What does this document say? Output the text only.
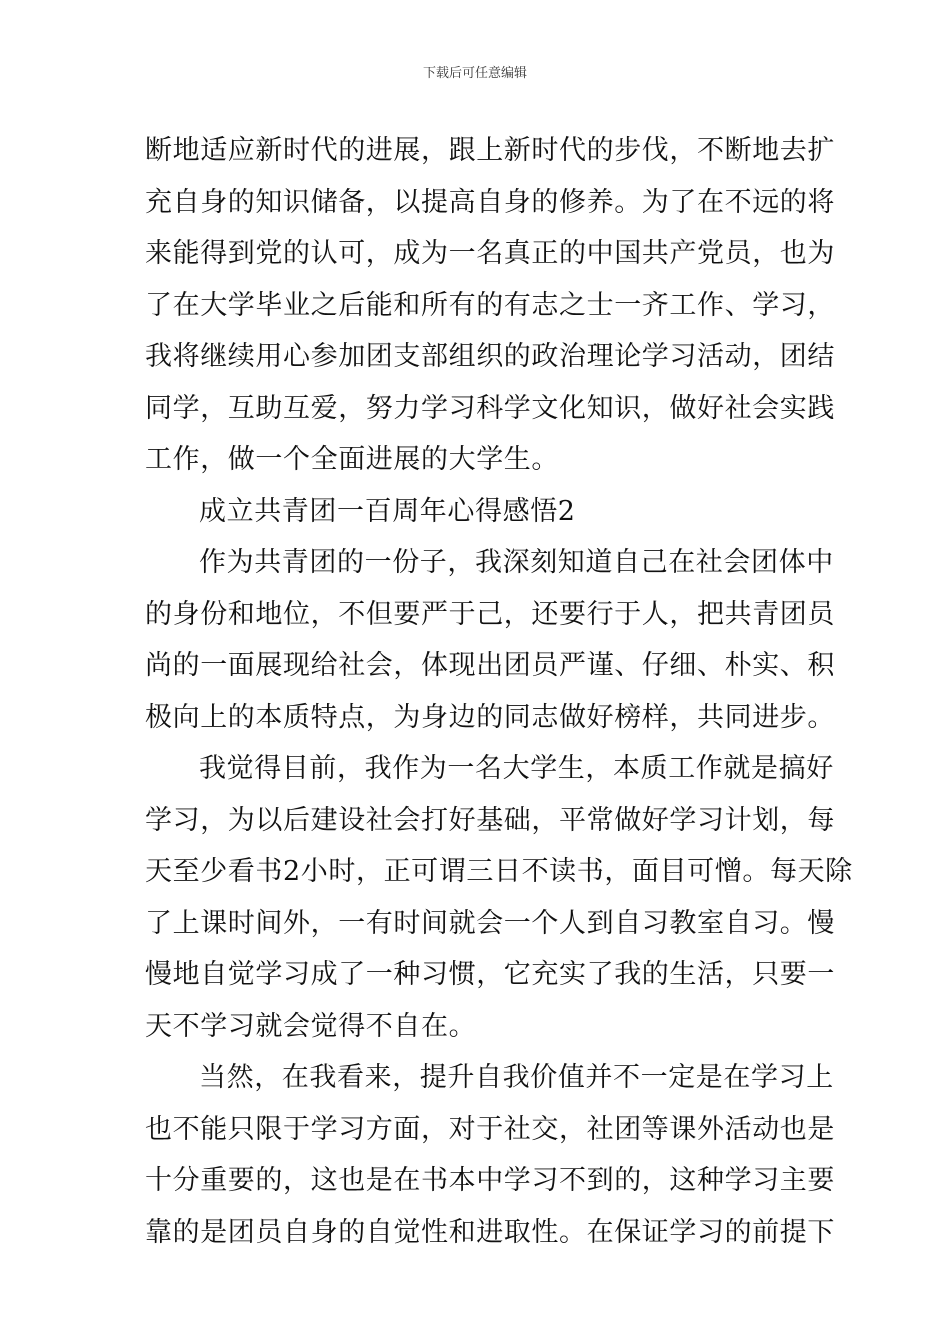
下载后可任意编辑

断地适应新时代的进展，跟上新时代的步伐，不断地去扩
充自身的知识储备，以提高自身的修养。为了在不远的将
来能得到党的认可，成为一名真正的中国共产党员，也为
了在大学毕业之后能和所有的有志之士一齐工作、学习，
我将继续用心参加团支部组织的政治理论学习活动，团结
同学，互助互爱，努力学习科学文化知识，做好社会实践
工作，做一个全面进展的大学生。

成立共青团一百周年心得感悟2

作为共青团的一份子，我深刻知道自己在社会团体中
的身份和地位，不但要严于己，还要行于人，把共青团员
尚的一面展现给社会，体现出团员严谨、仔细、朴实、积
极向上的本质特点，为身边的同志做好榜样，共同进步。

我觉得目前，我作为一名大学生，本质工作就是搞好
学习，为以后建设社会打好基础，平常做好学习计划，每
天至少看书2小时，正可谓三日不读书，面目可憎。每天除
了上课时间外，一有时间就会一个人到自习教室自习。慢
慢地自觉学习成了一种习惯，它充实了我的生活，只要一
天不学习就会觉得不自在。

当然，在我看来，提升自我价值并不一定是在学习上
也不能只限于学习方面，对于社交，社团等课外活动也是
十分重要的，这也是在书本中学习不到的，这种学习主要
靠的是团员自身的自觉性和进取性。在保证学习的前提下
